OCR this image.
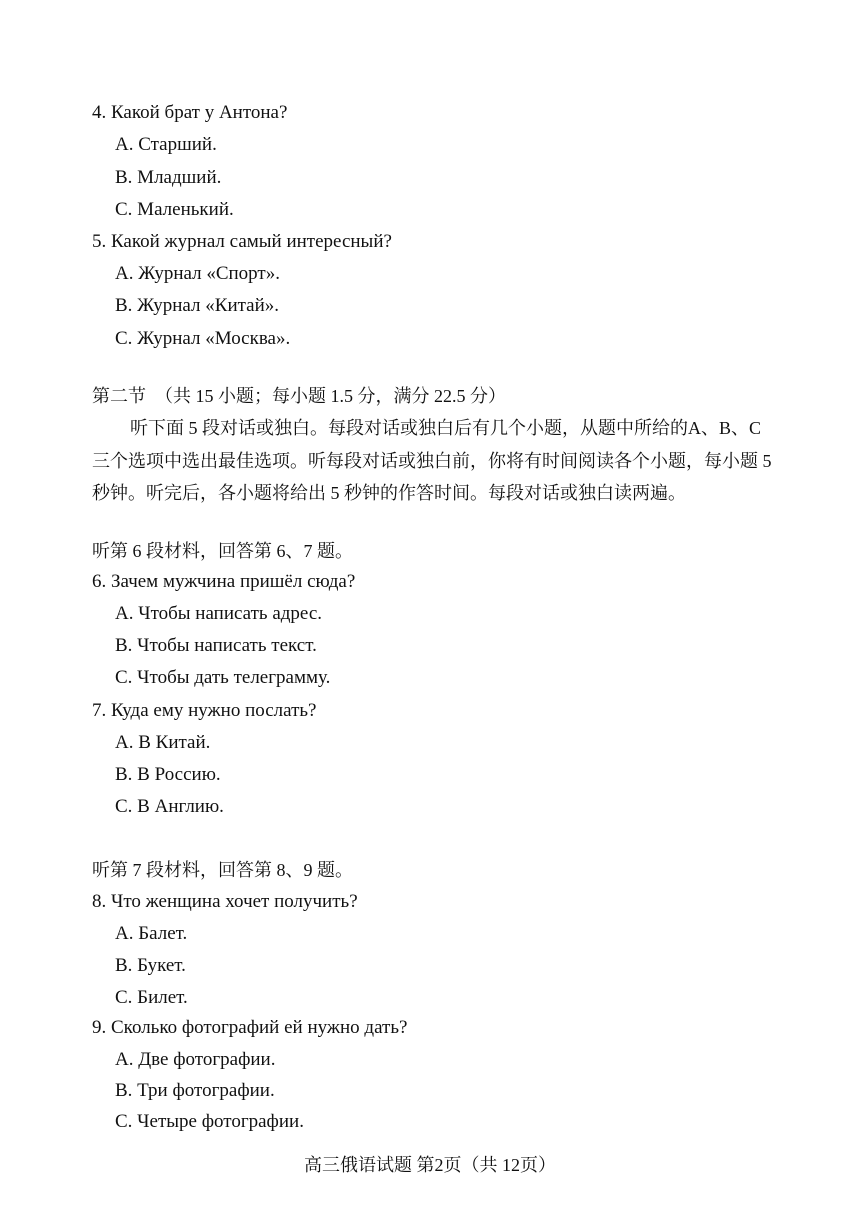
4. Какой брат у Антона?
А. Старший.
В. Младший.
С. Маленький.
5. Какой журнал самый интересный?
А. Журнал «Спорт».
В. Журнал «Китай».
С. Журнал «Москва».
第二节　（共 15 小题；每小题 1.5 分，满分 22.5 分）
听下面 5 段对话或独白。每段对话或独白后有几个小题，从题中所给的A、B、C
三个选项中选出最佳选项。听每段对话或独白前，你将有时间阅读各个小题，每小题 5
秒钟。听完后，各小题将给出 5 秒钟的作答时间。每段对话或独白读两遍。
听第 6 段材料，回答第 6、7 题。
6. Зачем мужчина пришёл сюда?
А. Чтобы написать адрес.
В. Чтобы написать текст.
С. Чтобы дать телеграмму.
7. Куда ему нужно послать?
А. В Китай.
В. В Россию.
С. В Англию.
听第 7 段材料，回答第 8、9 题。
8. Что женщина хочет получить?
А. Балет.
В. Букет.
С. Билет.
9. Сколько фотографий ей нужно дать?
А. Две фотографии.
В. Три фотографии.
С. Четыре фотографии.
高三俄语试题 第2页（共 12页）
